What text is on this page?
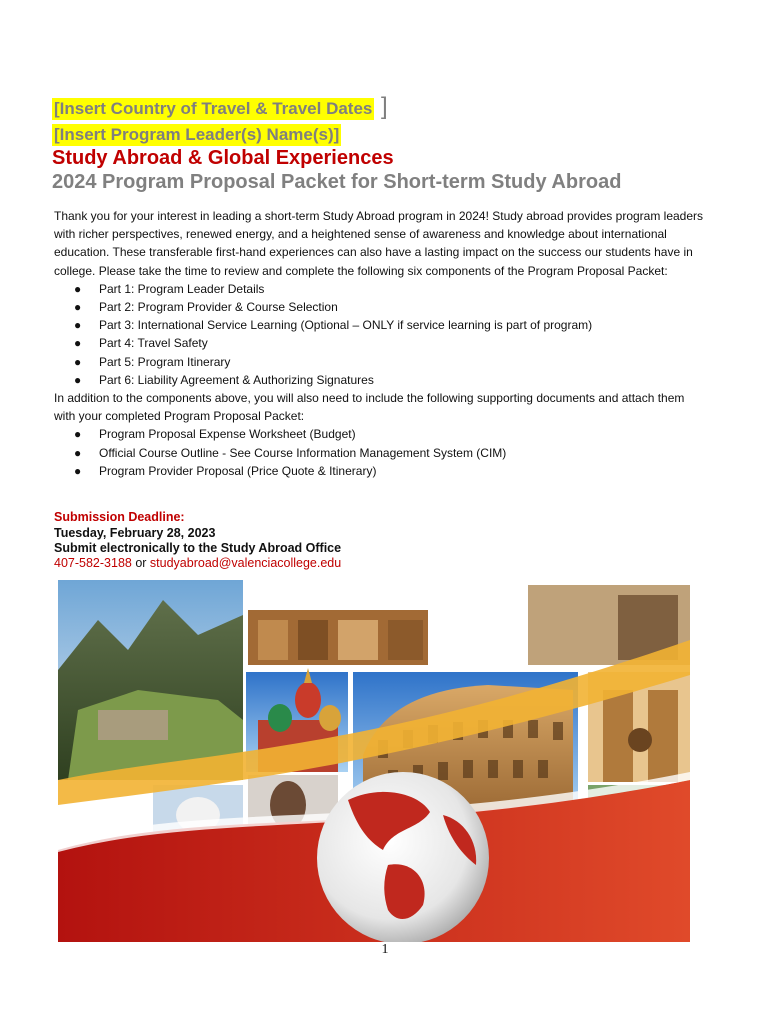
[Insert Country of Travel & Travel Dates ]
[Insert Program Leader(s) Name(s)]
Study Abroad & Global Experiences
2024 Program Proposal Packet for Short-term Study Abroad

Thank you for your interest in leading a short-term Study Abroad program in 2024! Study abroad provides program leaders with richer perspectives, renewed energy, and a heightened sense of awareness and knowledge about international education. These transferable first-hand experiences can also have a lasting impact on the success our students have in college. Please take the time to review and complete the following six components of the Program Proposal Packet:

● Part 1: Program Leader Details
● Part 2: Program Provider & Course Selection
● Part 3: International Service Learning (Optional – ONLY if service learning is part of program)
● Part 4: Travel Safety
● Part 5: Program Itinerary
● Part 6: Liability Agreement & Authorizing Signatures

In addition to the components above, you will also need to include the following supporting documents and attach them with your completed Program Proposal Packet:

● Program Proposal Expense Worksheet (Budget)
● Official Course Outline - See Course Information Management System (CIM)
● Program Provider Proposal (Price Quote & Itinerary)
Submission Deadline:
Tuesday, February 28, 2023
Submit electronically to the Study Abroad Office
407-582-3188 or studyabroad@valenciacollege.edu
1
